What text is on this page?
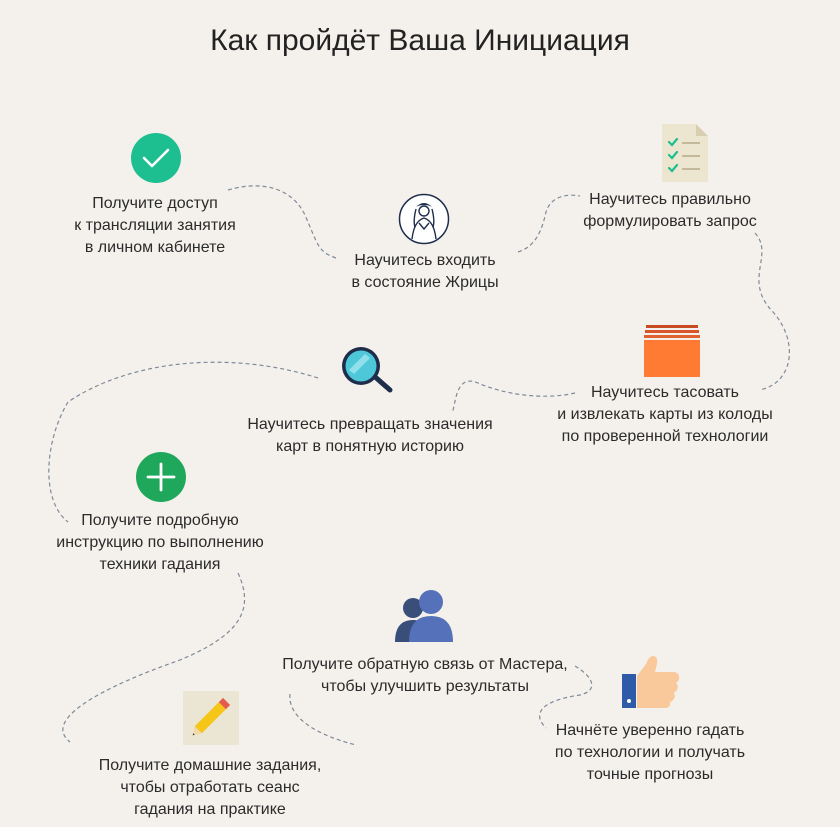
Как пройдёт Ваша Инициация
Получите доступ
к трансляции занятия
в личном кабинете
Научитесь входить
в состояние Жрицы
Научитесь правильно
формулировать запрос
Научитесь тасовать
и извлекать карты из колоды
по проверенной технологии
Научитесь превращать значения
карт в понятную историю
Получите подробную
инструкцию по выполнению
техники гадания
Получите обратную связь от Мастера,
чтобы улучшить результаты
Получите домашние задания,
чтобы отработать сеанс
гадания на практике
Начнёте уверенно гадать
по технологии и получать
точные прогнозы
